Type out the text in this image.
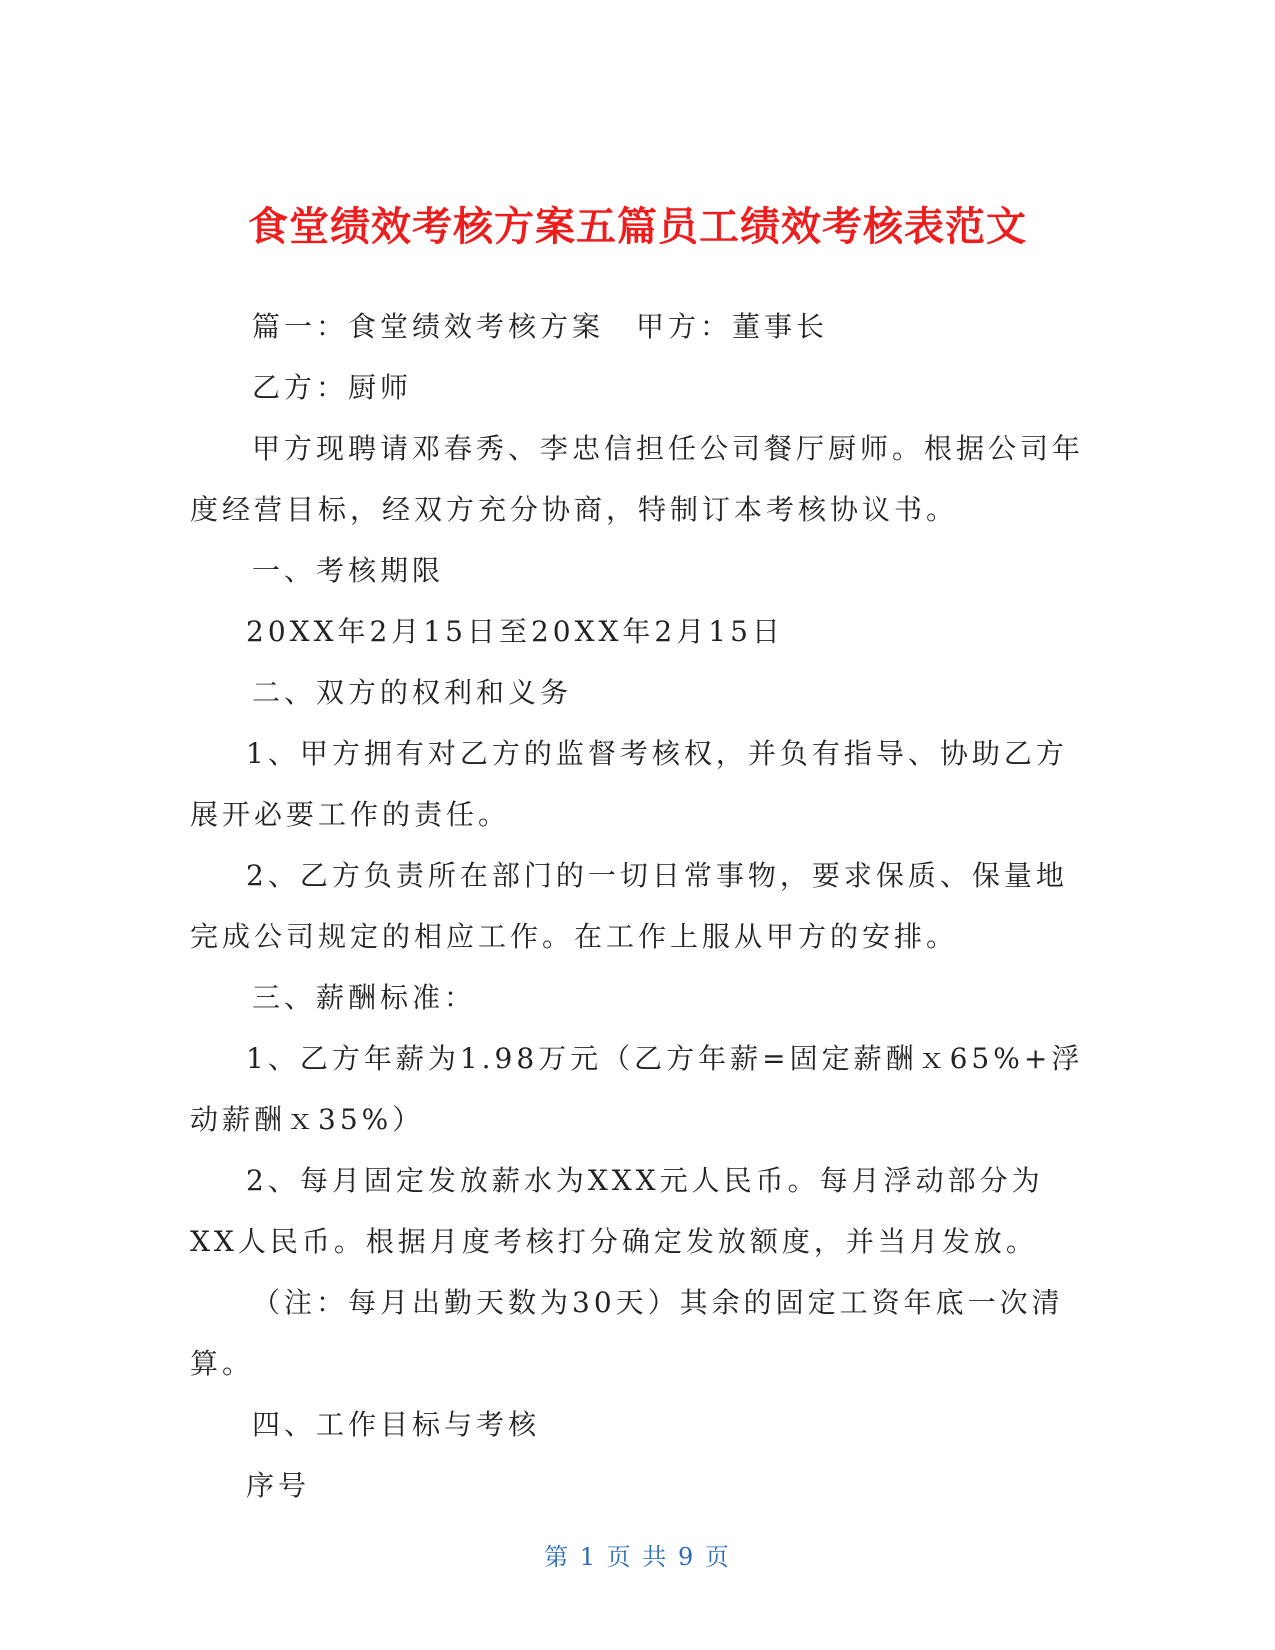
食堂绩效考核方案五篇员工绩效考核表范文

篇一：食堂绩效考核方案　甲方：董事长

乙方：厨师

甲方现聘请邓春秀、李忠信担任公司餐厅厨师。根据公司年度经营目标，经双方充分协商，特制订本考核协议书。

一、考核期限

20XX年2月15日至20XX年2月15日

二、双方的权利和义务

1、甲方拥有对乙方的监督考核权，并负有指导、协助乙方展开必要工作的责任。

2、乙方负责所在部门的一切日常事物，要求保质、保量地完成公司规定的相应工作。在工作上服从甲方的安排。

三、薪酬标准：

1、乙方年薪为1.98万元（乙方年薪=固定薪酬ｘ65%+浮动薪酬ｘ35%）

2、每月固定发放薪水为XXX元人民币。每月浮动部分为XX人民币。根据月度考核打分确定发放额度，并当月发放。

（注：每月出勤天数为30天）其余的固定工资年底一次清算。

四、工作目标与考核

序号

第 1 页 共 9 页
